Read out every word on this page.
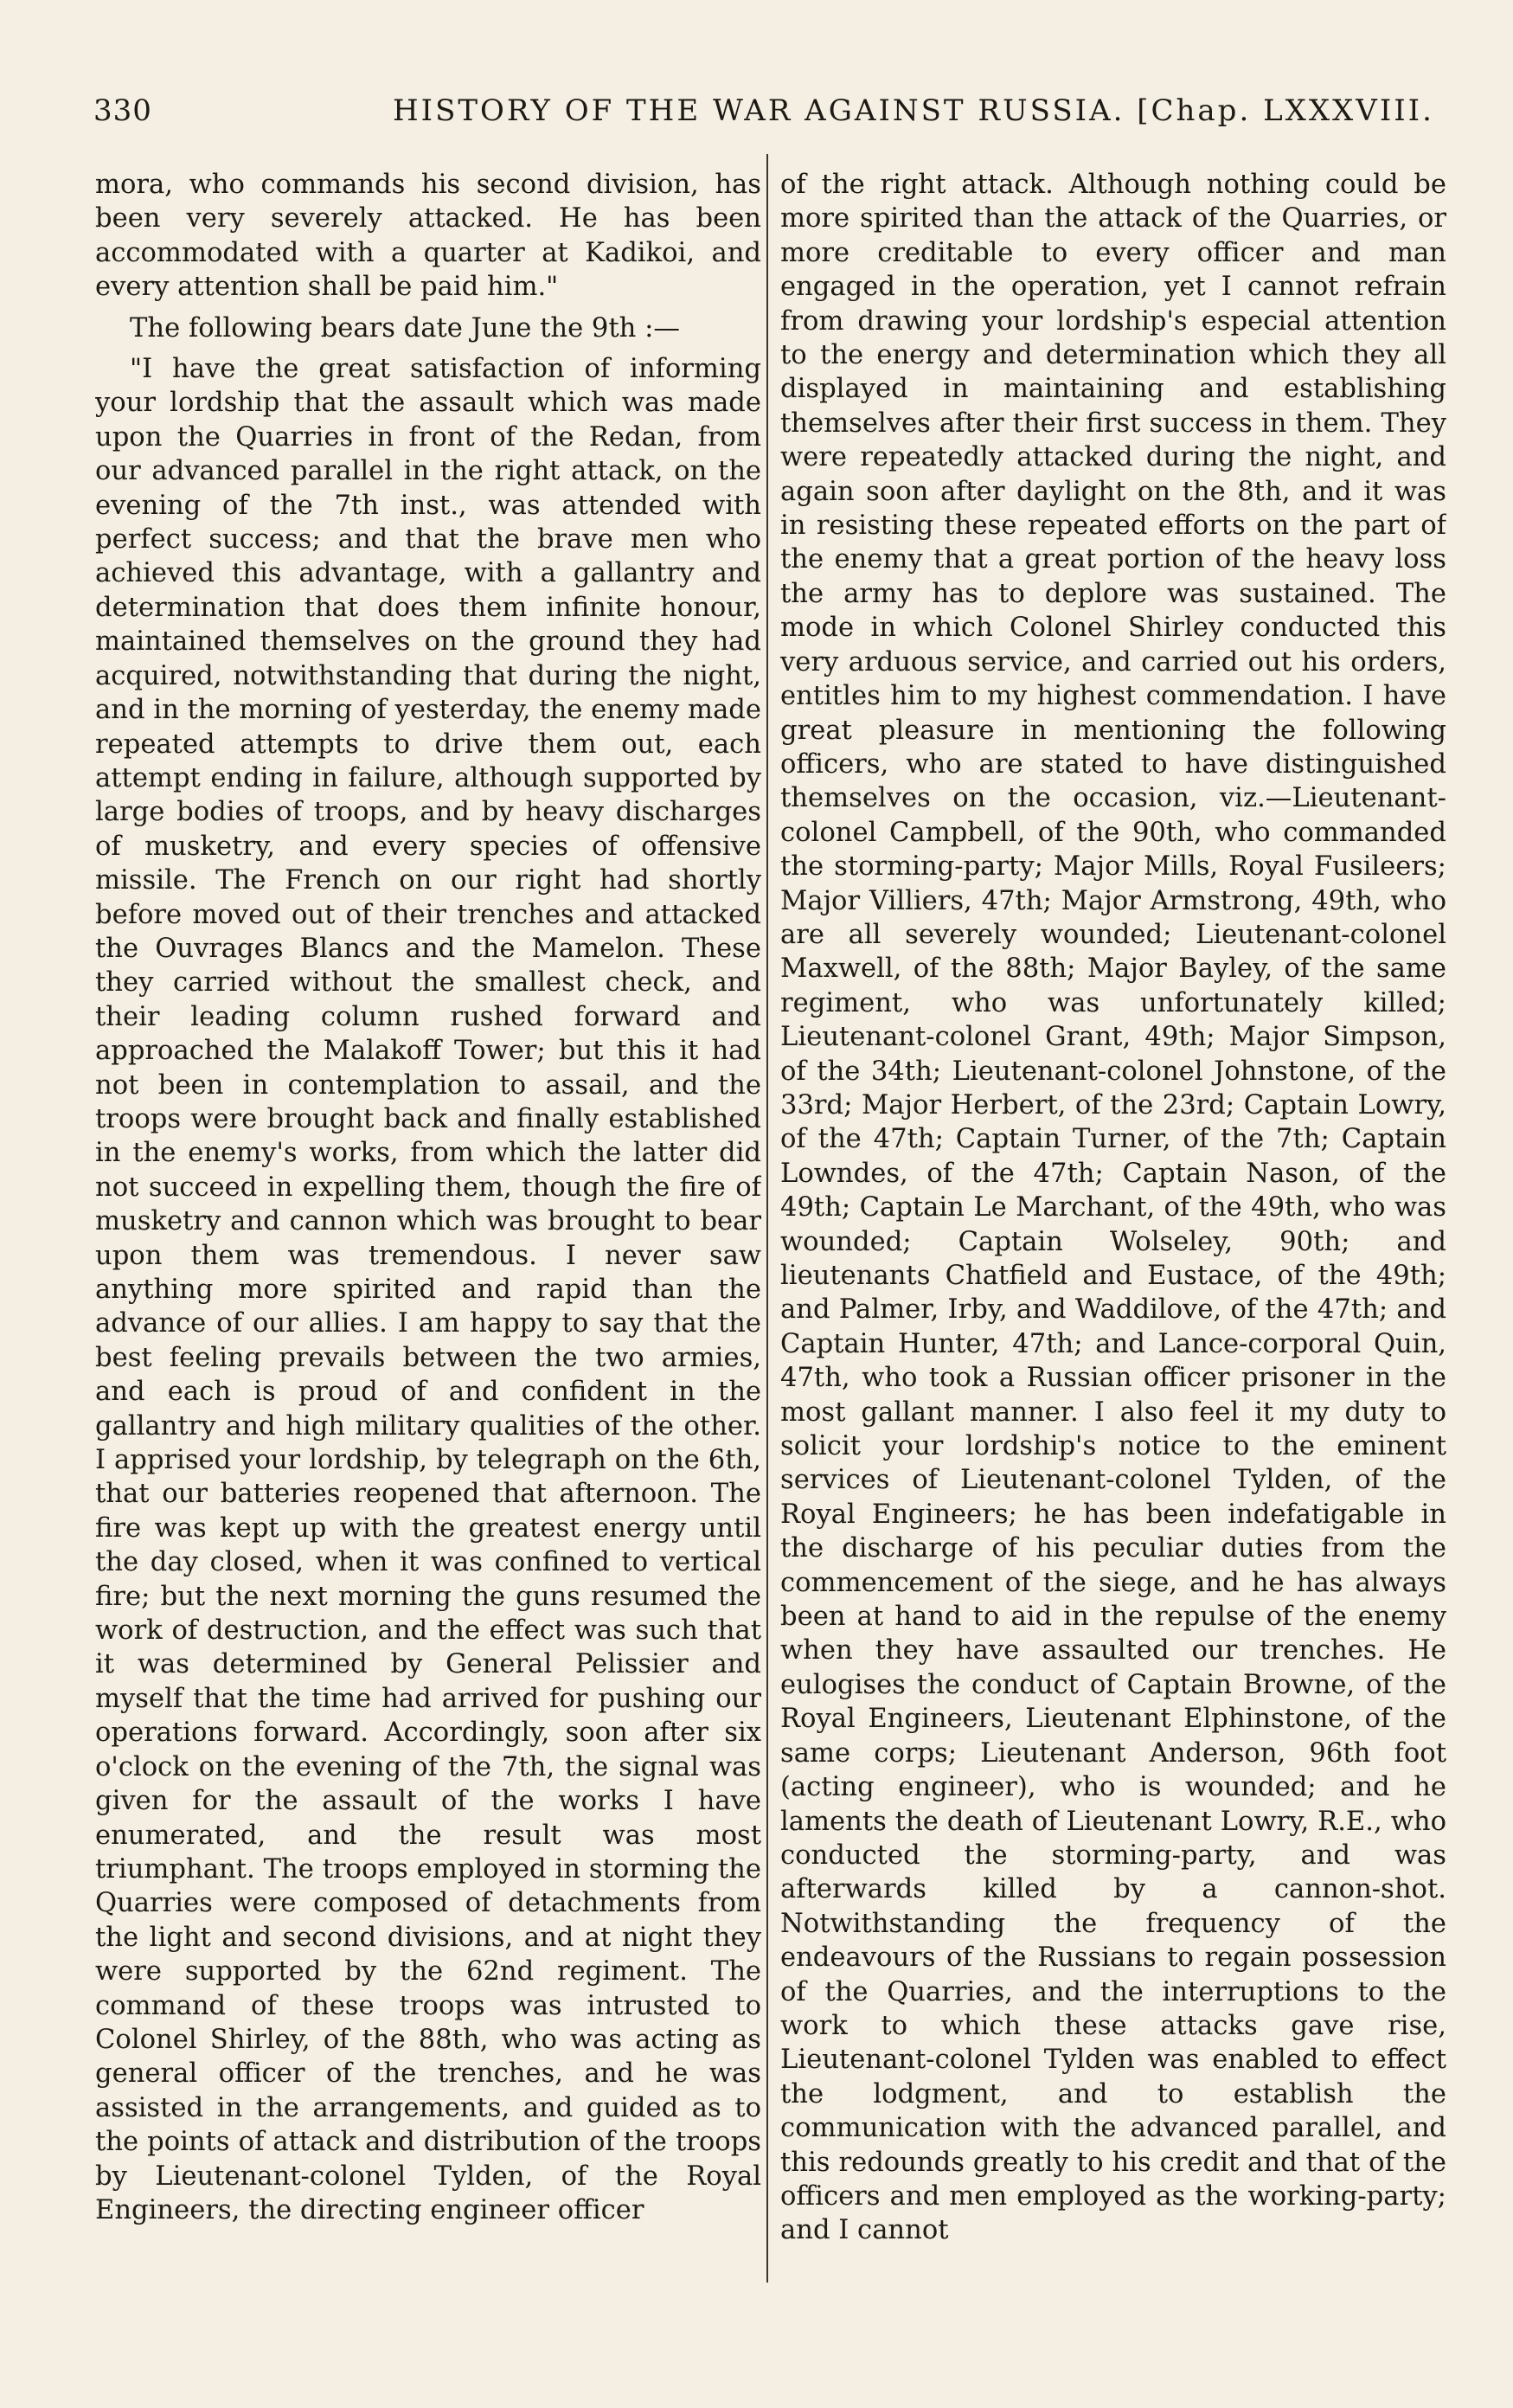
330	HISTORY OF THE WAR AGAINST RUSSIA. [Chap. LXXXVIII.

mora, who commands his second division, has been very severely attacked. He has been accommodated with a quarter at Kadikoi, and every attention shall be paid him."

The following bears date June the 9th :—

"I have the great satisfaction of informing your lordship that the assault which was made upon the Quarries in front of the Redan, from our advanced parallel in the right attack, on the evening of the 7th inst., was attended with perfect success; and that the brave men who achieved this advantage, with a gallantry and determination that does them infinite honour, maintained themselves on the ground they had acquired, notwithstanding that during the night, and in the morning of yesterday, the enemy made repeated attempts to drive them out, each attempt ending in failure, although supported by large bodies of troops, and by heavy discharges of musketry, and every species of offensive missile. The French on our right had shortly before moved out of their trenches and attacked the Ouvrages Blancs and the Mamelon. These they carried without the smallest check, and their leading column rushed forward and approached the Malakoff Tower; but this it had not been in contemplation to assail, and the troops were brought back and finally established in the enemy's works, from which the latter did not succeed in expelling them, though the fire of musketry and cannon which was brought to bear upon them was tremendous. I never saw anything more spirited and rapid than the advance of our allies. I am happy to say that the best feeling prevails between the two armies, and each is proud of and confident in the gallantry and high military qualities of the other. I apprised your lordship, by telegraph on the 6th, that our batteries reopened that afternoon. The fire was kept up with the greatest energy until the day closed, when it was confined to vertical fire; but the next morning the guns resumed the work of destruction, and the effect was such that it was determined by General Pelissier and myself that the time had arrived for pushing our operations forward. Accordingly, soon after six o'clock on the evening of the 7th, the signal was given for the assault of the works I have enumerated, and the result was most triumphant. The troops employed in storming the Quarries were composed of detachments from the light and second divisions, and at night they were supported by the 62nd regiment. The command of these troops was intrusted to Colonel Shirley, of the 88th, who was acting as general officer of the trenches, and he was assisted in the arrangements, and guided as to the points of attack and distribution of the troops by Lieutenant-colonel Tylden, of the Royal Engineers, the directing engineer officer

of the right attack. Although nothing could be more spirited than the attack of the Quarries, or more creditable to every officer and man engaged in the operation, yet I cannot refrain from drawing your lordship's especial attention to the energy and determination which they all displayed in maintaining and establishing themselves after their first success in them. They were repeatedly attacked during the night, and again soon after daylight on the 8th, and it was in resisting these repeated efforts on the part of the enemy that a great portion of the heavy loss the army has to deplore was sustained. The mode in which Colonel Shirley conducted this very arduous service, and carried out his orders, entitles him to my highest commendation. I have great pleasure in mentioning the following officers, who are stated to have distinguished themselves on the occasion, viz.—Lieutenant-colonel Campbell, of the 90th, who commanded the storming-party; Major Mills, Royal Fusileers; Major Villiers, 47th; Major Armstrong, 49th, who are all severely wounded; Lieutenant-colonel Maxwell, of the 88th; Major Bayley, of the same regiment, who was unfortunately killed; Lieutenant-colonel Grant, 49th; Major Simpson, of the 34th; Lieutenant-colonel Johnstone, of the 33rd; Major Herbert, of the 23rd; Captain Lowry, of the 47th; Captain Turner, of the 7th; Captain Lowndes, of the 47th; Captain Nason, of the 49th; Captain Le Marchant, of the 49th, who was wounded; Captain Wolseley, 90th; and lieutenants Chatfield and Eustace, of the 49th; and Palmer, Irby, and Waddilove, of the 47th; and Captain Hunter, 47th; and Lance-corporal Quin, 47th, who took a Russian officer prisoner in the most gallant manner. I also feel it my duty to solicit your lordship's notice to the eminent services of Lieutenant-colonel Tylden, of the Royal Engineers; he has been indefatigable in the discharge of his peculiar duties from the commencement of the siege, and he has always been at hand to aid in the repulse of the enemy when they have assaulted our trenches. He eulogises the conduct of Captain Browne, of the Royal Engineers, Lieutenant Elphinstone, of the same corps; Lieutenant Anderson, 96th foot (acting engineer), who is wounded; and he laments the death of Lieutenant Lowry, R.E., who conducted the storming-party, and was afterwards killed by a cannon-shot. Notwithstanding the frequency of the endeavours of the Russians to regain possession of the Quarries, and the interruptions to the work to which these attacks gave rise, Lieutenant-colonel Tylden was enabled to effect the lodgment, and to establish the communication with the advanced parallel, and this redounds greatly to his credit and that of the officers and men employed as the working-party; and I cannot
